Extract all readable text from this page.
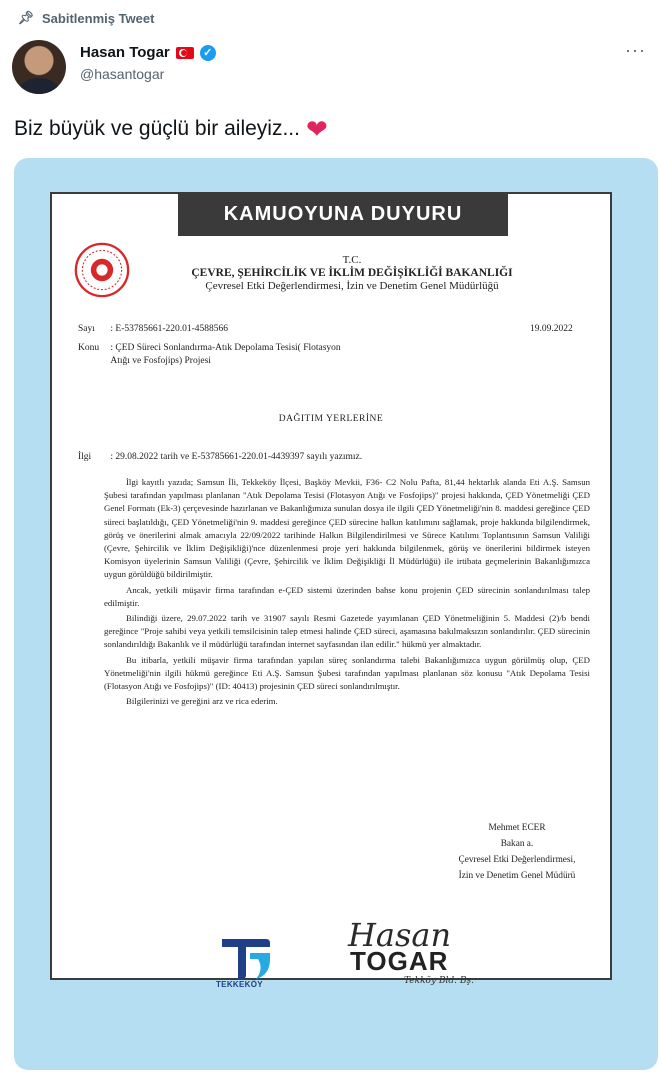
📌︎ Sabitlenmiş Tweet
Hasan Togar	✓
@hasantogar
···
Biz büyük ve güçlü bir aileyiz... ❤
KAMUOYUNA DUYURU
T.C.
ÇEVRE, ŞEHİRCİLİK VE İKLİM DEĞİŞİKLİĞİ BAKANLIĞI
Çevresel Etki Değerlendirmesi, İzin ve Denetim Genel Müdürlüğü
Sayı : E-53785661-220.01-4588566	19.09.2022
Konu : ÇED Süreci Sonlandırma-Atık Depolama Tesisi( Flotasyon Atığı ve Fosfojips) Projesi
DAĞITIM YERLERİNE
İlgi : 29.08.2022 tarih ve E-53785661-220.01-4439397 sayılı yazımız.

İlgi kayıtlı yazıda; Samsun İli, Tekkeköy İlçesi, Başköy Mevkii, F36- C2 Nolu Pafta, 81,44 hektarlık alanda Eti A.Ş. Samsun Şubesi tarafından yapılması planlanan "Atık Depolama Tesisi (Flotasyon Atığı ve Fosfojips)" projesi hakkında, ÇED Yönetmeliği ÇED Genel Formatı (Ek-3) çerçevesinde hazırlanan ve Bakanlığımıza sunulan dosya ile ilgili ÇED Yönetmeliği'nin 8. maddesi gereğince ÇED süreci başlatıldığı, ÇED Yönetmeliği'nin 9. maddesi gereğince ÇED sürecine halkın katılımını sağlamak, proje hakkında bilgilendirmek, görüş ve önerilerini almak amacıyla 22/09/2022 tarihinde Halkın Bilgilendirilmesi ve Sürece Katılımı Toplantısının Samsun Valiliği (Çevre, Şehircilik ve İklim Değişikliği)'nce düzenlenmesi proje yeri hakkında bilgilenmek, görüş ve önerilerini bildirmek isteyen Komisyon üyelerinin Samsun Valiliği (Çevre, Şehircilik ve İklim Değişikliği İl Müdürlüğü) ile irtibata geçmelerinin Bakanlığımızca uygun görüldüğü bildirilmiştir.

Ancak, yetkili müşavir firma tarafından e-ÇED sistemi üzerinden bahse konu projenin ÇED sürecinin sonlandırılması talep edilmiştir.

Bilindiği üzere, 29.07.2022 tarih ve 31907 sayılı Resmi Gazetede yayımlanan ÇED Yönetmeliğinin 5. Maddesi (2)/b bendi gereğince "Proje sahibi veya yetkili temsilcisinin talep etmesi halinde ÇED süreci, aşamasına bakılmaksızın sonlandırılır. ÇED sürecinin sonlandırıldığı Bakanlık ve il müdürlüğü tarafından internet sayfasından ilan edilir." hükmü yer almaktadır.

Bu itibarla, yetkili müşavir firma tarafından yapılan süreç sonlandırma talebi Bakanlığımızca uygun görülmüş olup, ÇED Yönetmeliği'nin ilgili hükmü gereğince Eti A.Ş. Samsun Şubesi tarafından yapılması planlanan söz konusu "Atık Depolama Tesisi (Flotasyon Atığı ve Fosfojips)" (ID: 40413) projesinin ÇED süreci sonlandırılmıştır.

Bilgilerinizi ve gereğini arz ve rica ederim.

Mehmet ECER
Bakan a.
Çevresel Etki Değerlendirmesi,
İzin ve Denetim Genel Müdürü
TEKKEKÖY
Hasan
TOGAR
Tekköy Bld. Bş.
